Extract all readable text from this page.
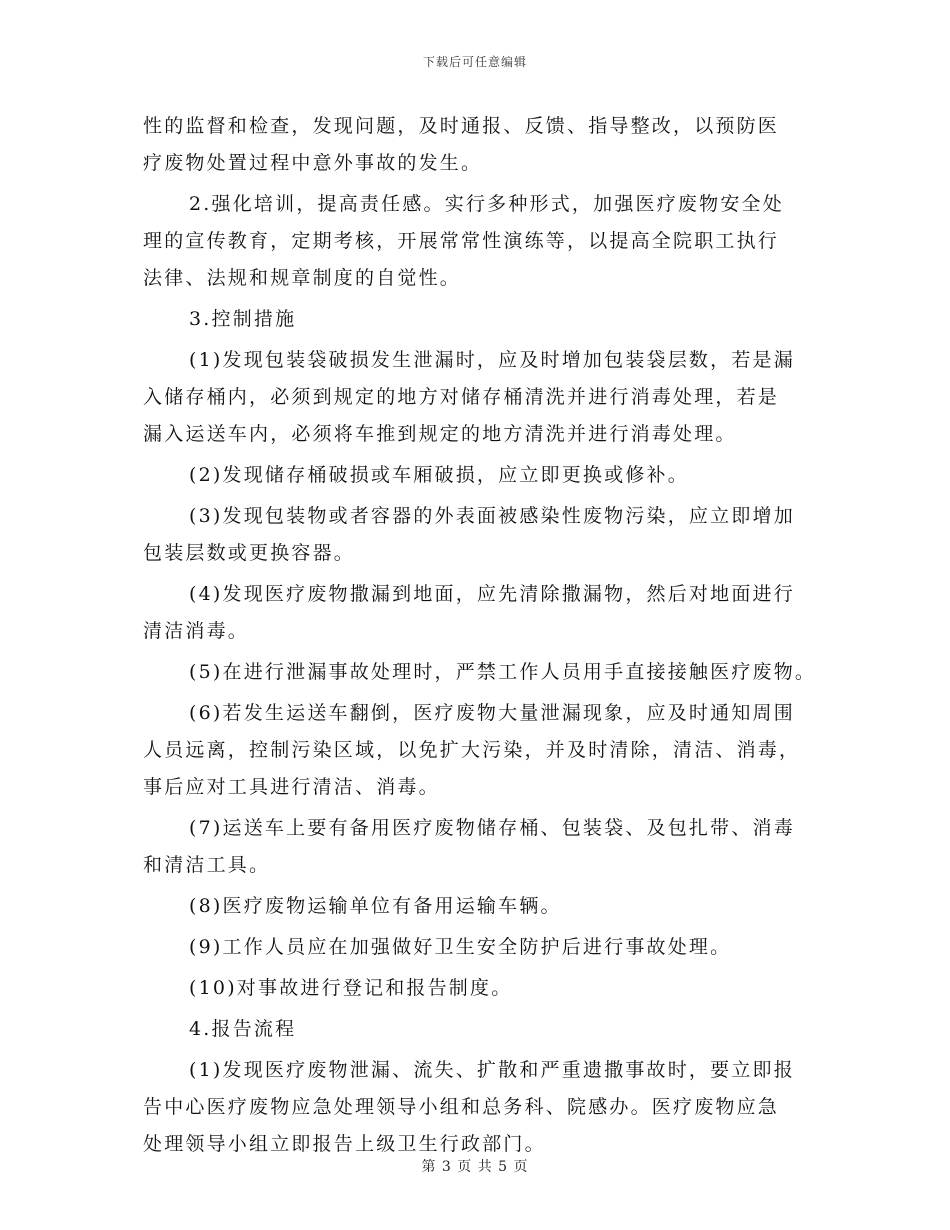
下载后可任意编辑

性的监督和检查，发现问题，及时通报、反馈、指导整改，以预防医
疗废物处置过程中意外事故的发生。

2.强化培训，提高责任感。实行多种形式，加强医疗废物安全处
理的宣传教育，定期考核，开展常常性演练等，以提高全院职工执行
法律、法规和规章制度的自觉性。

3.控制措施

(1)发现包装袋破损发生泄漏时，应及时增加包装袋层数，若是漏
入储存桶内，必须到规定的地方对储存桶清洗并进行消毒处理，若是
漏入运送车内，必须将车推到规定的地方清洗并进行消毒处理。

(2)发现储存桶破损或车厢破损，应立即更换或修补。

(3)发现包装物或者容器的外表面被感染性废物污染，应立即增加
包装层数或更换容器。

(4)发现医疗废物撒漏到地面，应先清除撒漏物，然后对地面进行
清洁消毒。

(5)在进行泄漏事故处理时，严禁工作人员用手直接接触医疗废物。

(6)若发生运送车翻倒，医疗废物大量泄漏现象，应及时通知周围
人员远离，控制污染区域，以免扩大污染，并及时清除，清洁、消毒，
事后应对工具进行清洁、消毒。

(7)运送车上要有备用医疗废物储存桶、包装袋、及包扎带、消毒
和清洁工具。

(8)医疗废物运输单位有备用运输车辆。

(9)工作人员应在加强做好卫生安全防护后进行事故处理。

(10)对事故进行登记和报告制度。

4.报告流程

(1)发现医疗废物泄漏、流失、扩散和严重遗撒事故时，要立即报
告中心医疗废物应急处理领导小组和总务科、院感办。医疗废物应急
处理领导小组立即报告上级卫生行政部门。

第 3 页 共 5 页
